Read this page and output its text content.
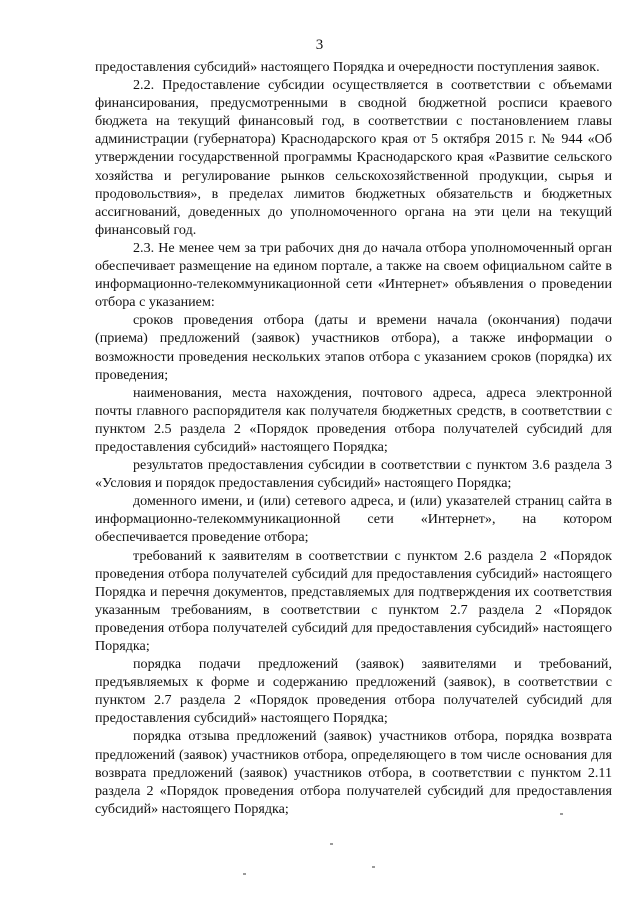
3

предоставления субсидий» настоящего Порядка и очередности поступления заявок.

2.2. Предоставление субсидии осуществляется в соответствии с объемами финансирования, предусмотренными в сводной бюджетной росписи краевого бюджета на текущий финансовый год, в соответствии с постановлением главы администрации (губернатора) Краснодарского края от 5 октября 2015 г. № 944 «Об утверждении государственной программы Краснодарского края «Развитие сельского хозяйства и регулирование рынков сельскохозяйственной продукции, сырья и продовольствия», в пределах лимитов бюджетных обязательств и бюджетных ассигнований, доведенных до уполномоченного органа на эти цели на текущий финансовый год.

2.3. Не менее чем за три рабочих дня до начала отбора уполномоченный орган обеспечивает размещение на едином портале, а также на своем официальном сайте в информационно-телекоммуникационной сети «Интернет» объявления о проведении отбора с указанием:

сроков проведения отбора (даты и времени начала (окончания) подачи (приема) предложений (заявок) участников отбора), а также информации о возможности проведения нескольких этапов отбора с указанием сроков (порядка) их проведения;

наименования, места нахождения, почтового адреса, адреса электронной почты главного распорядителя как получателя бюджетных средств, в соответствии с пунктом 2.5 раздела 2 «Порядок проведения отбора получателей субсидий для предоставления субсидий» настоящего Порядка;

результатов предоставления субсидии в соответствии с пунктом 3.6 раздела 3 «Условия и порядок предоставления субсидий» настоящего Порядка;

доменного имени, и (или) сетевого адреса, и (или) указателей страниц сайта в информационно-телекоммуникационной сети «Интернет», на котором обеспечивается проведение отбора;

требований к заявителям в соответствии с пунктом 2.6 раздела 2 «Порядок проведения отбора получателей субсидий для предоставления субсидий» настоящего Порядка и перечня документов, представляемых для подтверждения их соответствия указанным требованиям, в соответствии с пунктом 2.7 раздела 2 «Порядок проведения отбора получателей субсидий для предоставления субсидий» настоящего Порядка;

порядка подачи предложений (заявок) заявителями и требований, предъявляемых к форме и содержанию предложений (заявок), в соответствии с пунктом 2.7 раздела 2 «Порядок проведения отбора получателей субсидий для предоставления субсидий» настоящего Порядка;

порядка отзыва предложений (заявок) участников отбора, порядка возврата предложений (заявок) участников отбора, определяющего в том числе основания для возврата предложений (заявок) участников отбора, в соответствии с пунктом 2.11 раздела 2 «Порядок проведения отбора получателей субсидий для предоставления субсидий» настоящего Порядка;
